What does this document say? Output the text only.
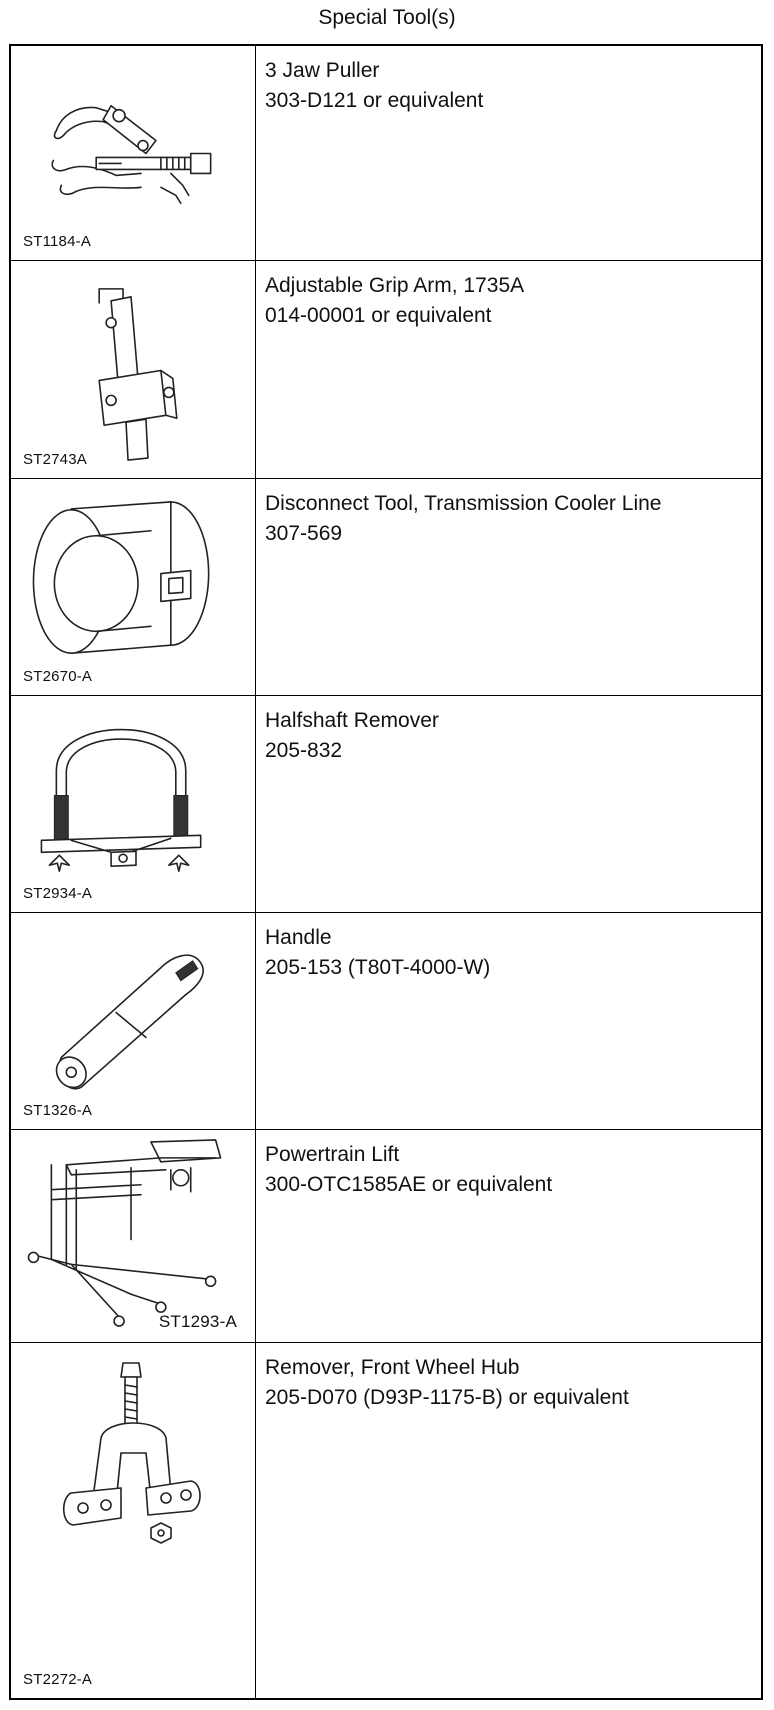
Special Tool(s)
ST1184-A
3 Jaw Puller
303-D121 or equivalent
ST2743A
Adjustable Grip Arm, 1735A
014-00001 or equivalent
ST2670-A
Disconnect Tool, Transmission Cooler Line
307-569
ST2934-A
Halfshaft Remover
205-832
ST1326-A
Handle
205-153 (T80T-4000-W)
ST1293-A
Powertrain Lift
300-OTC1585AE or equivalent
ST2272-A
Remover, Front Wheel Hub
205-D070 (D93P-1175-B) or equivalent
